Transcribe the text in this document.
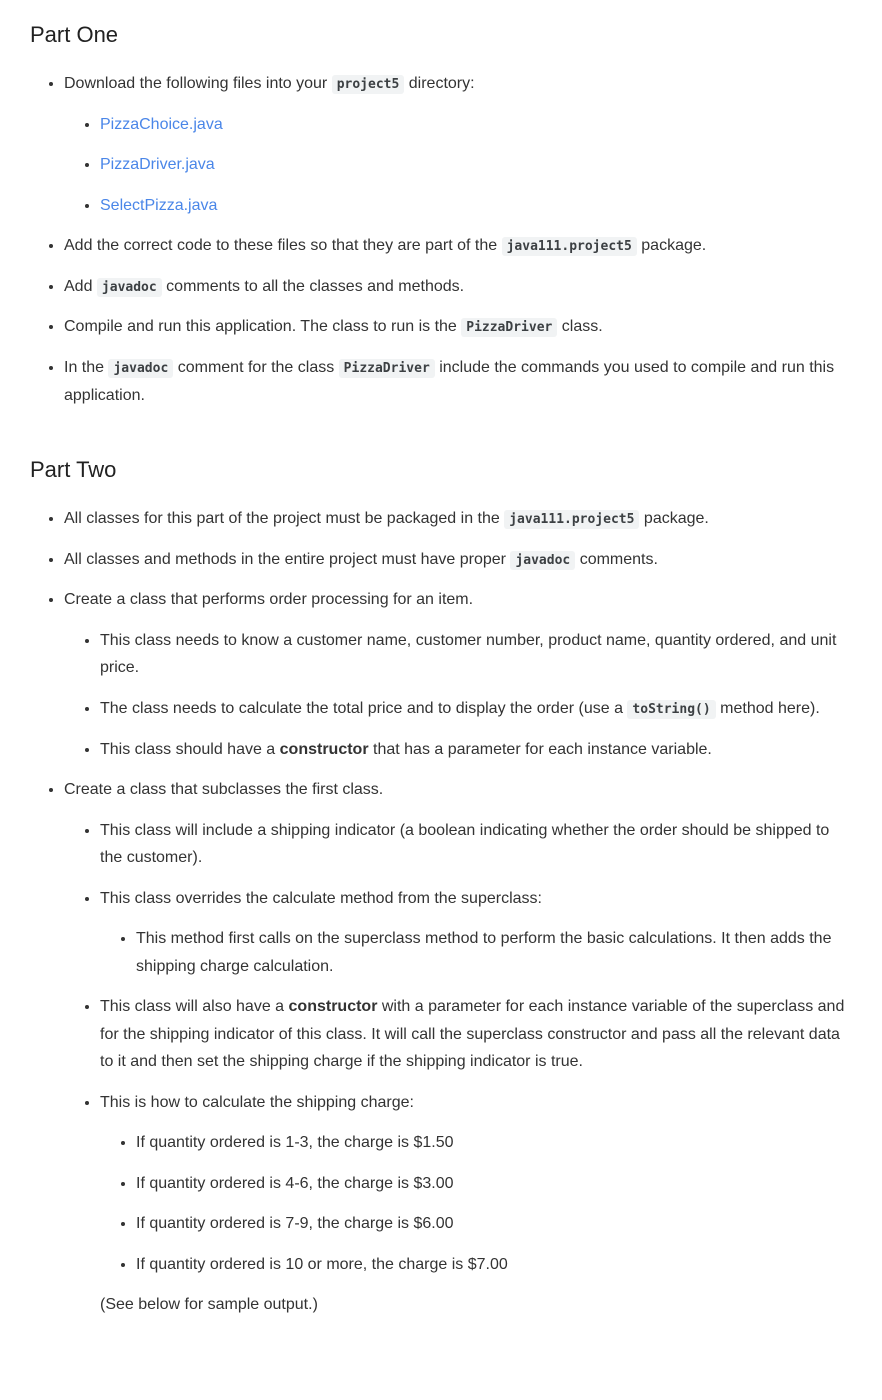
Part One
• Download the following files into your project5 directory:
• PizzaChoice.java
• PizzaDriver.java
• SelectPizza.java
• Add the correct code to these files so that they are part of the java111.project5 package.
• Add javadoc comments to all the classes and methods.
• Compile and run this application. The class to run is the PizzaDriver class.
• In the javadoc comment for the class PizzaDriver include the commands you used to compile and run this application.
Part Two
• All classes for this part of the project must be packaged in the java111.project5 package.
• All classes and methods in the entire project must have proper javadoc comments.
• Create a class that performs order processing for an item.
• This class needs to know a customer name, customer number, product name, quantity ordered, and unit price.
• The class needs to calculate the total price and to display the order (use a toString() method here).
• This class should have a constructor that has a parameter for each instance variable.
• Create a class that subclasses the first class.
• This class will include a shipping indicator (a boolean indicating whether the order should be shipped to the customer).
• This class overrides the calculate method from the superclass:
• This method first calls on the superclass method to perform the basic calculations. It then adds the shipping charge calculation.
• This class will also have a constructor with a parameter for each instance variable of the superclass and for the shipping indicator of this class. It will call the superclass constructor and pass all the relevant data to it and then set the shipping charge if the shipping indicator is true.
• This is how to calculate the shipping charge:
• If quantity ordered is 1-3, the charge is $1.50
• If quantity ordered is 4-6, the charge is $3.00
• If quantity ordered is 7-9, the charge is $6.00
• If quantity ordered is 10 or more, the charge is $7.00
(See below for sample output.)
